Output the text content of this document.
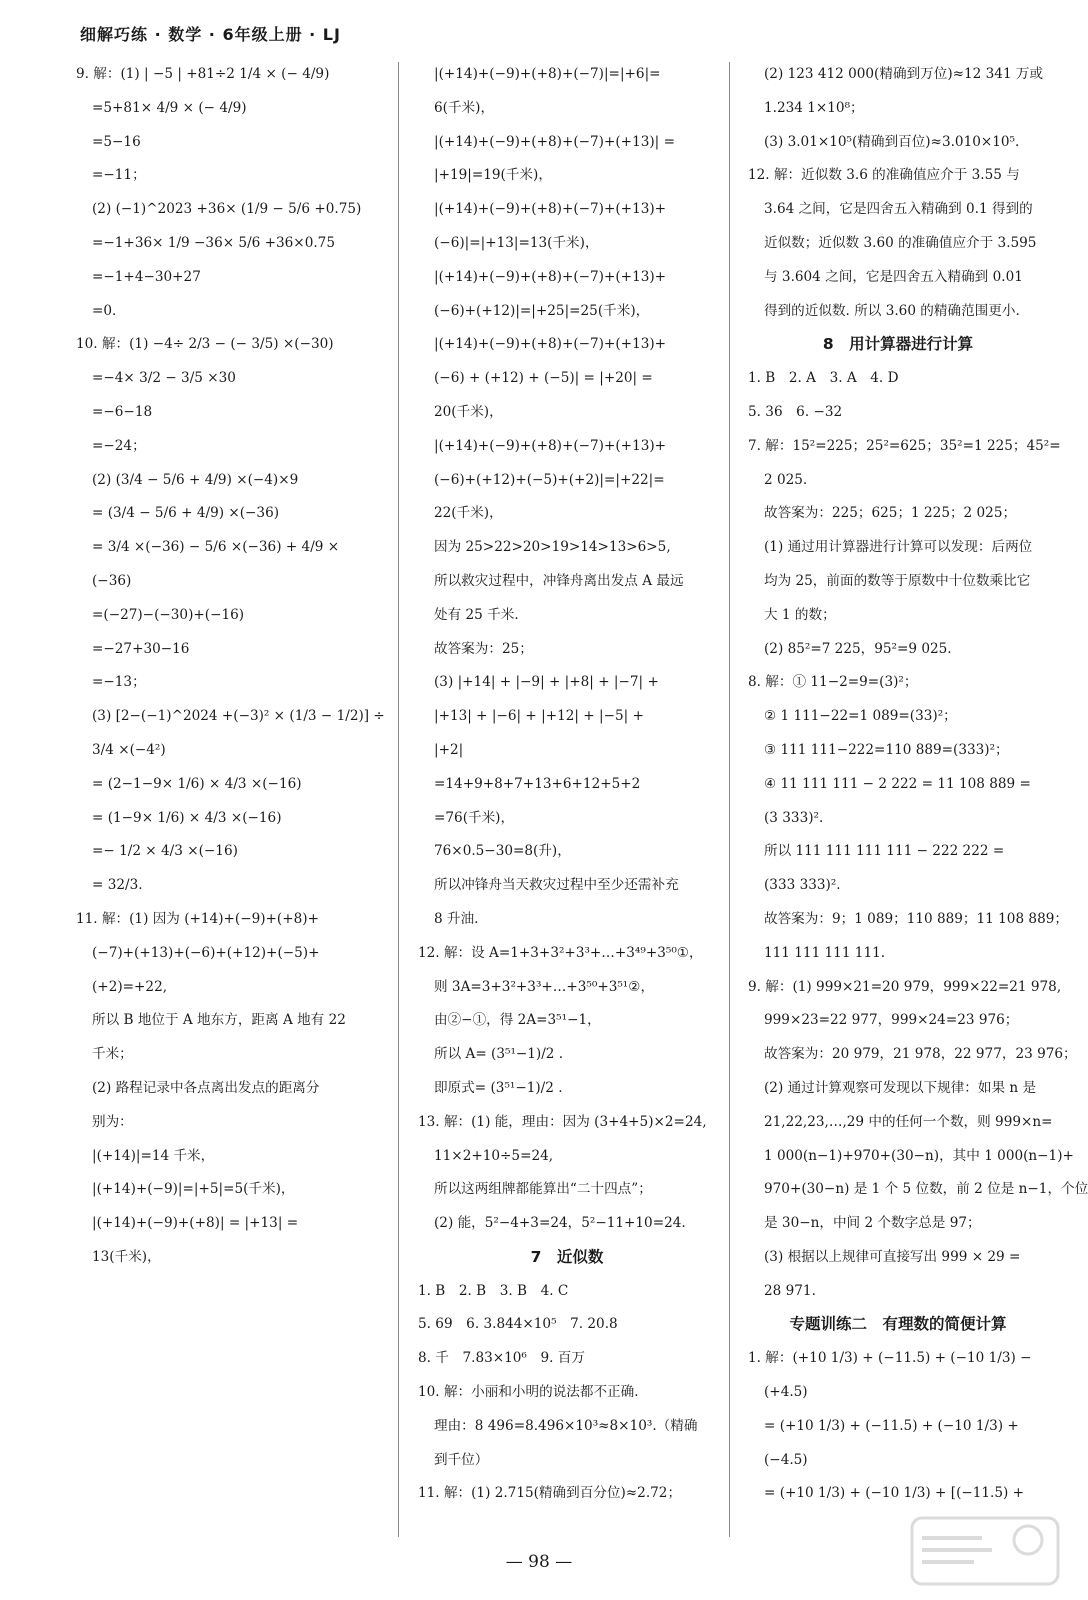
细解巧练 · 数学 · 6年级上册 · LJ
9. 解：(1) | −5 | +81÷2 1/4 × (− 4/9)
=5+81× 4/9 × (− 4/9)
=5−16
=−11；
(2) (−1)^2023 +36× (1/9 − 5/6 +0.75)
=−1+36× 1/9 −36× 5/6 +36×0.75
=−1+4−30+27
=0.
10. 解：(1) −4÷ 2/3 − (− 3/5) ×(−30)
=−4× 3/2 − 3/5 ×30
=−6−18
=−24；
(2) (3/4 − 5/6 + 4/9) ×(−4)×9
= (3/4 − 5/6 + 4/9) ×(−36)
= 3/4 ×(−36) − 5/6 ×(−36) + 4/9 ×
(−36)
=(−27)−(−30)+(−16)
=−27+30−16
=−13；
(3) [2−(−1)^2024 +(−3)² × (1/3 − 1/2)] ÷
3/4 ×(−4²)
= (2−1−9× 1/6) × 4/3 ×(−16)
= (1−9× 1/6) × 4/3 ×(−16)
=− 1/2 × 4/3 ×(−16)
= 32/3.
11. 解：(1) 因为 (+14)+(−9)+(+8)+
(−7)+(+13)+(−6)+(+12)+(−5)+
(+2)=+22,
所以 B 地位于 A 地东方，距离 A 地有 22
千米；
(2) 路程记录中各点离出发点的距离分
别为：
|(+14)|=14 千米，
|(+14)+(−9)|=|+5|=5(千米)，
|(+14)+(−9)+(+8)| = |+13| =
13(千米)，
|(+14)+(−9)+(+8)+(−7)|=|+6|=
6(千米)，
|(+14)+(−9)+(+8)+(−7)+(+13)| =
|+19|=19(千米)，
|(+14)+(−9)+(+8)+(−7)+(+13)+
(−6)|=|+13|=13(千米)，
|(+14)+(−9)+(+8)+(−7)+(+13)+
(−6)+(+12)|=|+25|=25(千米)，
|(+14)+(−9)+(+8)+(−7)+(+13)+
(−6) + (+12) + (−5)| = |+20| =
20(千米)，
|(+14)+(−9)+(+8)+(−7)+(+13)+
(−6)+(+12)+(−5)+(+2)|=|+22|=
22(千米)，
因为 25>22>20>19>14>13>6>5,
所以救灾过程中，冲锋舟离出发点 A 最远
处有 25 千米.
故答案为：25；
(3) |+14| + |−9| + |+8| + |−7| +
|+13| + |−6| + |+12| + |−5| +
|+2|
=14+9+8+7+13+6+12+5+2
=76(千米)，
76×0.5−30=8(升)，
所以冲锋舟当天救灾过程中至少还需补充
8 升油.
12. 解：设 A=1+3+3²+3³+…+3⁴⁹+3⁵⁰①，
则 3A=3+3²+3³+…+3⁵⁰+3⁵¹②，
由②−①，得 2A=3⁵¹−1，
所以 A= (3⁵¹−1)/2 .
即原式= (3⁵¹−1)/2 .
13. 解：(1) 能，理由：因为 (3+4+5)×2=24,
11×2+10÷5=24,
所以这两组牌都能算出“二十四点”；
(2) 能，5²−4+3=24，5²−11+10=24.
7　近似数
1. B　2. B　3. B　4. C
5. 69　6. 3.844×10⁵　7. 20.8
8. 千　7.83×10⁶　9. 百万
10. 解：小丽和小明的说法都不正确.
理由：8 496=8.496×10³≈8×10³.（精确
到千位）
11. 解：(1) 2.715(精确到百分位)≈2.72；
(2) 123 412 000(精确到万位)≈12 341 万或
1.234 1×10⁸；
(3) 3.01×10⁵(精确到百位)≈3.010×10⁵.
12. 解：近似数 3.6 的准确值应介于 3.55 与
3.64 之间，它是四舍五入精确到 0.1 得到的
近似数；近似数 3.60 的准确值应介于 3.595
与 3.604 之间，它是四舍五入精确到 0.01
得到的近似数. 所以 3.60 的精确范围更小.
8　用计算器进行计算
1. B　2. A　3. A　4. D
5. 36　6. −32
7. 解：15²=225；25²=625；35²=1 225；45²=
2 025.
故答案为：225；625；1 225；2 025；
(1) 通过用计算器进行计算可以发现：后两位
均为 25，前面的数等于原数中十位数乘比它
大 1 的数；
(2) 85²=7 225，95²=9 025.
8. 解：① 11−2=9=(3)²；
② 1 111−22=1 089=(33)²；
③ 111 111−222=110 889=(333)²；
④ 11 111 111 − 2 222 = 11 108 889 =
(3 333)².
所以 111 111 111 111 − 222 222 =
(333 333)².
故答案为：9；1 089；110 889；11 108 889；
111 111 111 111.
9. 解：(1) 999×21=20 979，999×22=21 978,
999×23=22 977，999×24=23 976；
故答案为：20 979，21 978，22 977，23 976；
(2) 通过计算观察可发现以下规律：如果 n 是
21,22,23,…,29 中的任何一个数，则 999×n=
1 000(n−1)+970+(30−n)，其中 1 000(n−1)+
970+(30−n) 是 1 个 5 位数，前 2 位是 n−1，个位
是 30−n，中间 2 个数字总是 97；
(3) 根据以上规律可直接写出 999 × 29 =
28 971.
专题训练二　有理数的简便计算
1. 解：(+10 1/3) + (−11.5) + (−10 1/3) −
(+4.5)
= (+10 1/3) + (−11.5) + (−10 1/3) +
(−4.5)
= (+10 1/3) + (−10 1/3) + [(−11.5) +
— 98 —
